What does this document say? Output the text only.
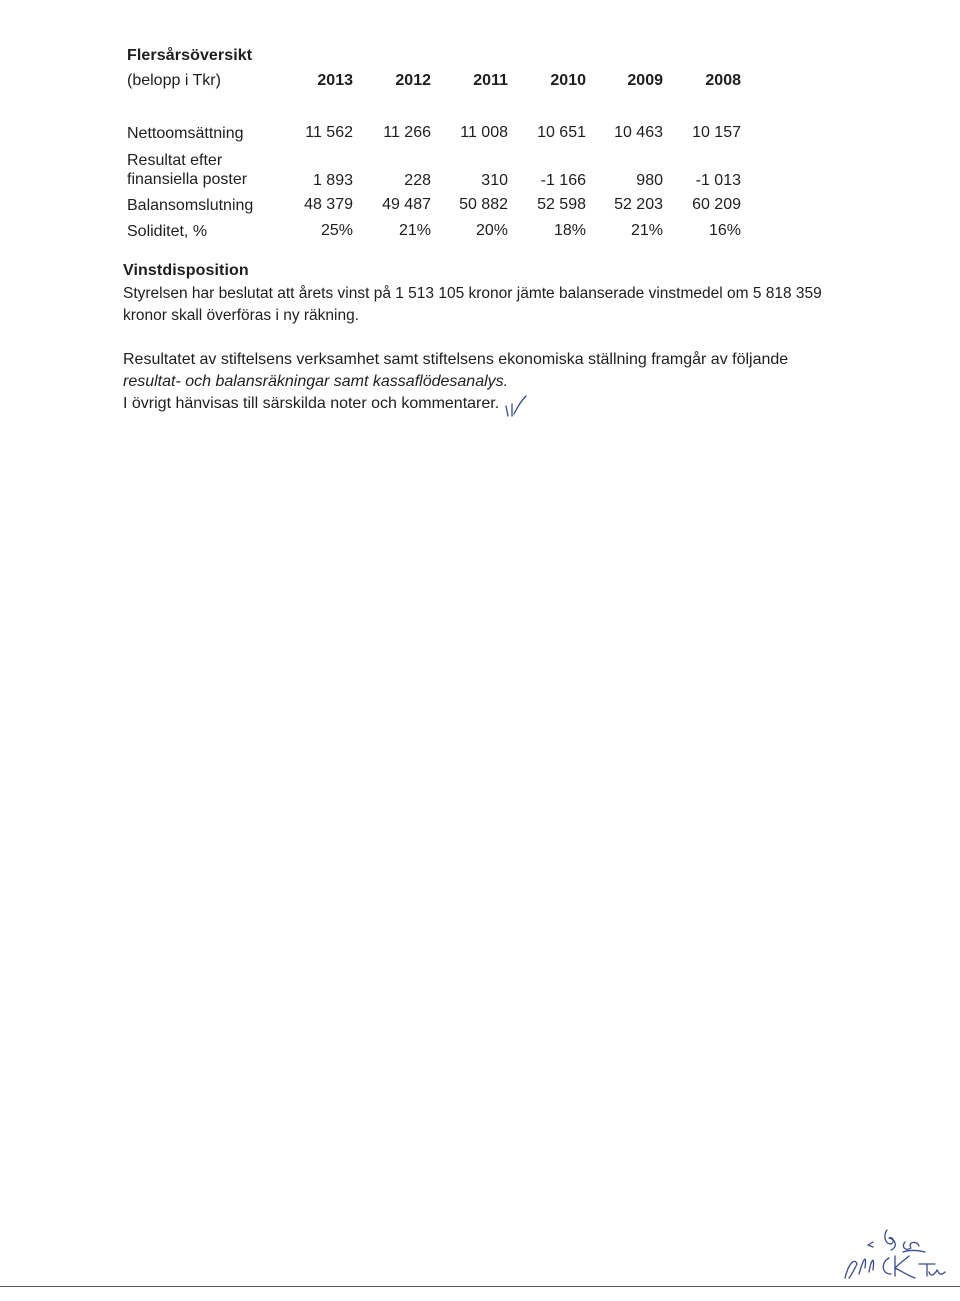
Flersårsöversikt
(belopp i Tkr)	2013	2012	2011	2010	2009	2008
Nettoomsättning	11 562	11 266	11 008	10 651	10 463	10 157
Resultat efter
finansiella poster	1 893	228	310	-1 166	980	-1 013
Balansomslutning	48 379	49 487	50 882	52 598	52 203	60 209
Soliditet, %	25%	21%	20%	18%	21%	16%
Vinstdisposition
Styrelsen har beslutat att årets vinst på 1 513 105 kronor jämte balanserade vinstmedel om 5 818 359
kronor skall överföras i ny räkning.
Resultatet av stiftelsens verksamhet samt stiftelsens ekonomiska ställning framgår av följande
resultat- och balansräkningar samt kassaflödesanalys.
I övrigt hänvisas till särskilda noter och kommentarer.
